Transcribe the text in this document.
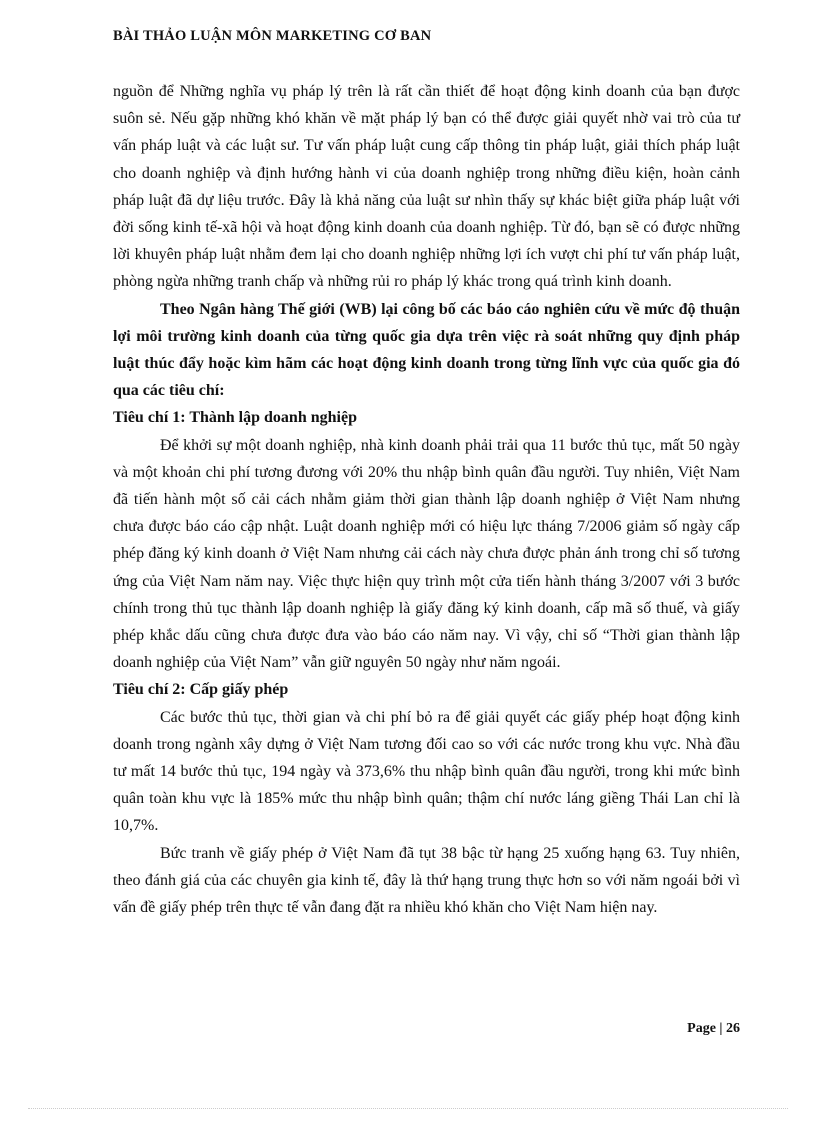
BÀI THẢO LUẬN MÔN MARKETING CƠ BAN

nguồn để Những nghĩa vụ pháp lý trên là rất cần thiết để hoạt động kinh doanh của bạn được suôn sẻ. Nếu gặp những khó khăn về mặt pháp lý bạn có thể được giải quyết nhờ vai trò của tư vấn pháp luật và các luật sư. Tư vấn pháp luật cung cấp thông tin pháp luật, giải thích pháp luật cho doanh nghiệp và định hướng hành vi của doanh nghiệp trong những điều kiện, hoàn cảnh pháp luật đã dự liệu trước. Đây là khả năng của luật sư nhìn thấy sự khác biệt giữa pháp luật với đời sống kinh tế-xã hội và hoạt động kinh doanh của doanh nghiệp. Từ đó, bạn sẽ có được những lời khuyên pháp luật nhằm đem lại cho doanh nghiệp những lợi ích vượt chi phí tư vấn pháp luật, phòng ngừa những tranh chấp và những rủi ro pháp lý khác trong quá trình kinh doanh.

Theo Ngân hàng Thế giới (WB) lại công bố các báo cáo nghiên cứu về mức độ thuận lợi môi trường kinh doanh của từng quốc gia dựa trên việc rà soát những quy định pháp luật thúc đẩy hoặc kìm hãm các hoạt động kinh doanh trong từng lĩnh vực của quốc gia đó qua các tiêu chí:

Tiêu chí 1: Thành lập doanh nghiệp

Để khởi sự một doanh nghiệp, nhà kinh doanh phải trải qua 11 bước thủ tục, mất 50 ngày và một khoản chi phí tương đương với 20% thu nhập bình quân đầu người. Tuy nhiên, Việt Nam đã tiến hành một số cải cách nhằm giảm thời gian thành lập doanh nghiệp ở Việt Nam nhưng chưa được báo cáo cập nhật. Luật doanh nghiệp mới có hiệu lực tháng 7/2006 giảm số ngày cấp phép đăng ký kinh doanh ở Việt Nam nhưng cải cách này chưa được phản ánh trong chỉ số tương ứng của Việt Nam năm nay. Việc thực hiện quy trình một cửa tiến hành tháng 3/2007 với 3 bước chính trong thủ tục thành lập doanh nghiệp là giấy đăng ký kinh doanh, cấp mã số thuế, và giấy phép khắc dấu cũng chưa được đưa vào báo cáo năm nay. Vì vậy, chỉ số “Thời gian thành lập doanh nghiệp của Việt Nam” vẫn giữ nguyên 50 ngày như năm ngoái.

Tiêu chí 2: Cấp giấy phép

Các bước thủ tục, thời gian và chi phí bỏ ra để giải quyết các giấy phép hoạt động kinh doanh trong ngành xây dựng ở Việt Nam tương đối cao so với các nước trong khu vực. Nhà đầu tư mất 14 bước thủ tục, 194 ngày và 373,6% thu nhập bình quân đầu người, trong khi mức bình quân toàn khu vực là 185% mức thu nhập bình quân; thậm chí nước láng giềng Thái Lan chỉ là 10,7%.

Bức tranh về giấy phép ở Việt Nam đã tụt 38 bậc từ hạng 25 xuống hạng 63. Tuy nhiên, theo đánh giá của các chuyên gia kinh tế, đây là thứ hạng trung thực hơn so với năm ngoái bởi vì vấn đề giấy phép trên thực tế vẫn đang đặt ra nhiều khó khăn cho Việt Nam hiện nay.

Page | 26
